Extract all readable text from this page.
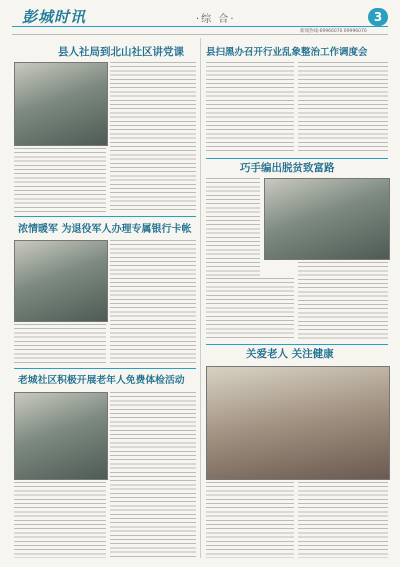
彭城时讯	·综 合·	3
新闻热线:69966070 69996070
县人社局到北山社区讲党课 县扫黑办召开行业乱象整治工作调度会
巧手编出脱贫致富路
浓情暖军 为退役军人办理专属银行卡帐
关爱老人 关注健康
老城社区积极开展老年人免费体检活动
